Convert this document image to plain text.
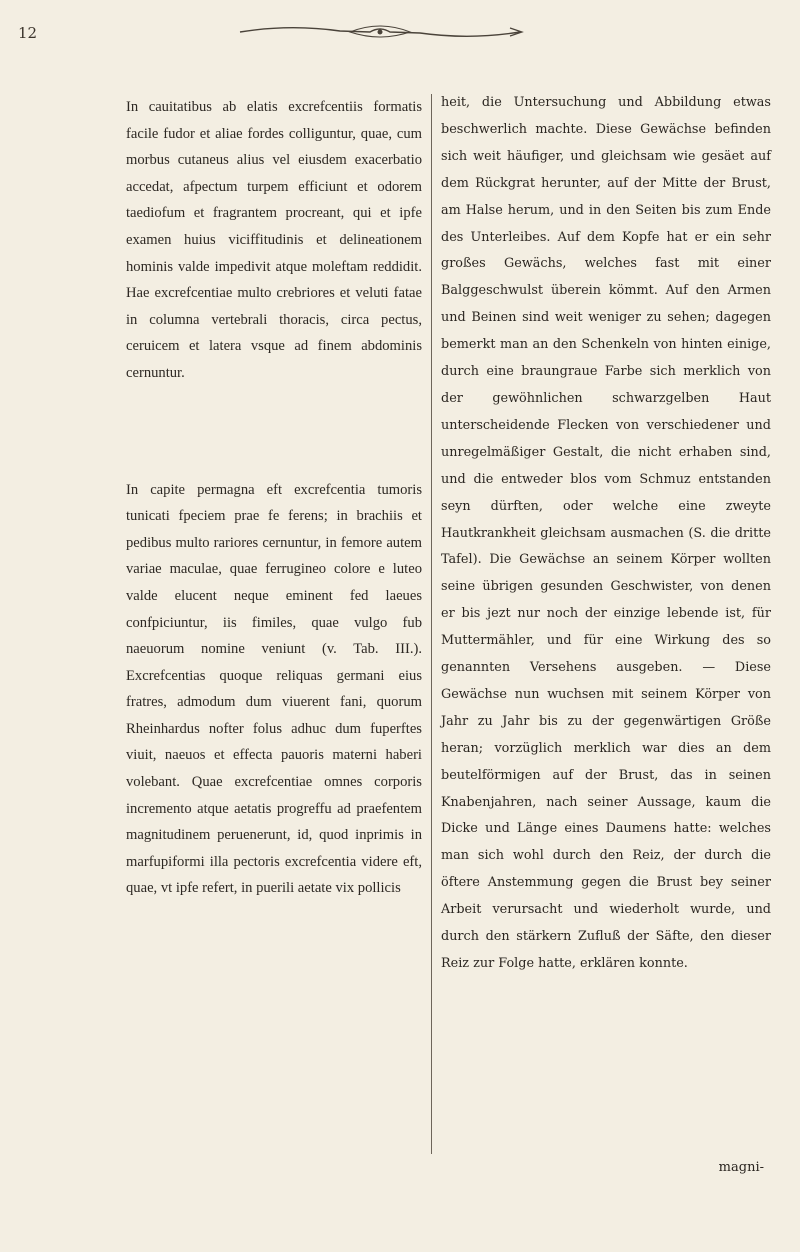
12

In cauitatibus ab elatis excrefcentiis formatis facile fudor et aliae fordes colliguntur, quae, cum morbus cutaneus alius vel eiusdem exacerbatio accedat, afpectum turpem efficiunt et odorem taediofum et fragrantem procreant, qui et ipfe examen huius viciffitudinis et delineationem hominis valde impedivit atque moleftam reddidit. Hae excrefcentiae multo crebriores et veluti fatae in columna vertebrali thoracis, circa pectus, ceruicem et latera vsque ad finem abdominis cernuntur.

In capite permagna eft excrefcentia tumoris tunicati fpeciem prae fe ferens; in brachiis et pedibus multo rariores cernuntur, in femore autem variae maculae, quae ferrugineo colore e luteo valde elucent neque eminent fed laeues confpiciuntur, iis fimiles, quae vulgo fub naeuorum nomine veniunt (v. Tab. III.). Excrefcentias quoque reliquas germani eius fratres, admodum dum viuerent fani, quorum Rheinhardus nofter folus adhuc dum fuperftes viuit, naeuos et effecta pauoris materni haberi volebant. Quae excrefcentiae omnes corporis incremento atque aetatis progreffu ad praefentem magnitudinem peruenerunt, id, quod inprimis in marfupiformi illa pectoris excrefcentia videre eft, quae, vt ipfe refert, in puerili aetate vix pollicis

heit, die Untersuchung und Abbildung etwas beschwerlich machte. Diese Gewächse befinden sich weit häufiger, und gleichsam wie gesäet auf dem Rückgrat herunter, auf der Mitte der Brust, am Halse herum, und in den Seiten bis zum Ende des Unterleibes. Auf dem Kopfe hat er ein sehr großes Gewächs, welches fast mit einer Balggeschwulst überein kömmt. Auf den Armen und Beinen sind weit weniger zu sehen; dagegen bemerkt man an den Schenkeln von hinten einige, durch eine braungraue Farbe sich merklich von der gewöhnlichen schwarzgelben Haut unterscheidende Flecken von verschiedener und unregelmäßiger Gestalt, die nicht erhaben sind, und die entweder blos vom Schmuz entstanden seyn dürften, oder welche eine zweyte Hautkrankheit gleichsam ausmachen (S. die dritte Tafel). Die Gewächse an seinem Körper wollten seine übrigen gesunden Geschwister, von denen er bis jezt nur noch der einzige lebende ist, für Muttermähler, und für eine Wirkung des so genannten Versehens ausgeben. — Diese Gewächse nun wuchsen mit seinem Körper von Jahr zu Jahr bis zu der gegenwärtigen Größe heran; vorzüglich merklich war dies an dem beutelförmigen auf der Brust, das in seinen Knabenjahren, nach seiner Aussage, kaum die Dicke und Länge eines Daumens hatte: welches man sich wohl durch den Reiz, der durch die öftere Anstemmung gegen die Brust bey seiner Arbeit verursacht und wiederholt wurde, und durch den stärkern Zufluß der Säfte, den dieser Reiz zur Folge hatte, erklären konnte.

magni-
